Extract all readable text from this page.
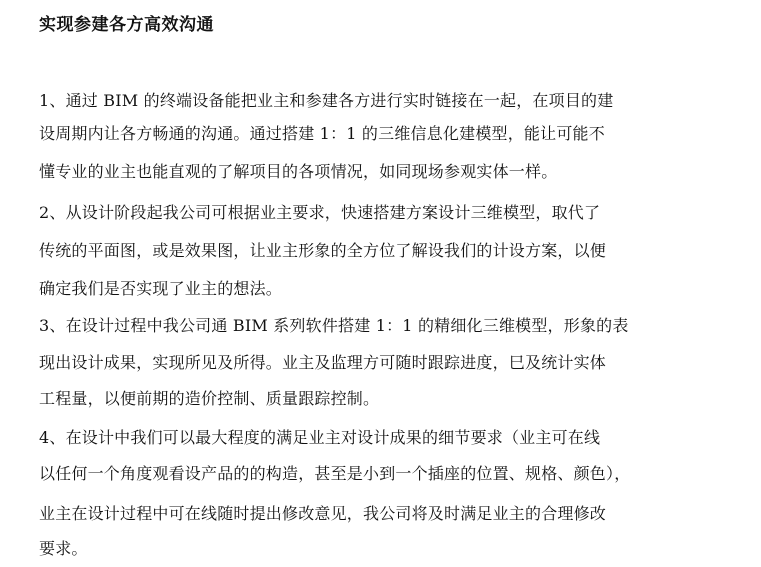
实现参建各方高效沟通

1、通过 BIM 的终端设备能把业主和参建各方进行实时链接在一起，在项目的建

设周期内让各方畅通的沟通。通过搭建 1：1 的三维信息化建模型，能让可能不

懂专业的业主也能直观的了解项目的各项情况，如同现场参观实体一样。

2、从设计阶段起我公司可根据业主要求，快速搭建方案设计三维模型，取代了

传统的平面图，或是效果图，让业主形象的全方位了解设我们的计设方案，以便

确定我们是否实现了业主的想法。

3、在设计过程中我公司通 BIM 系列软件搭建 1：1 的精细化三维模型，形象的表

现出设计成果，实现所见及所得。业主及监理方可随时跟踪进度，巳及统计实体

工程量，以便前期的造价控制、质量跟踪控制。

4、在设计中我们可以最大程度的满足业主对设计成果的细节要求（业主可在线

以任何一个角度观看设产品的的构造，甚至是小到一个插座的位置、规格、颜色），

业主在设计过程中可在线随时提出修改意见，我公司将及时满足业主的合理修改

要求。
